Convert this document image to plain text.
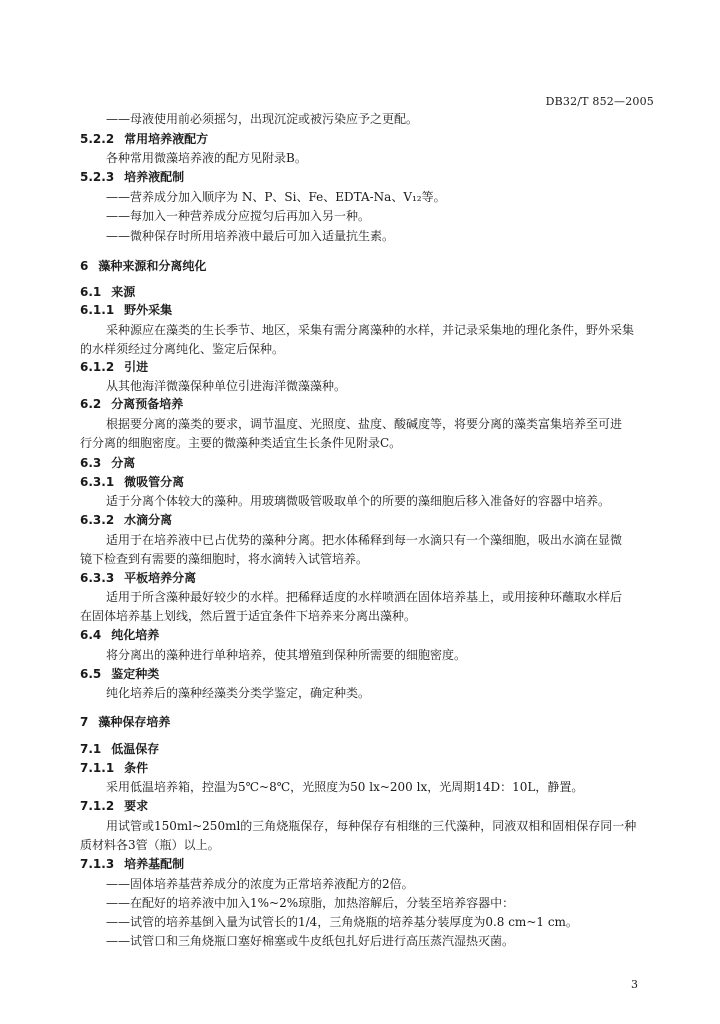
DB32/T 852—2005
——母液使用前必须摇匀，出现沉淀或被污染应予之更配。
5.2.2 常用培养液配方
各种常用微藻培养液的配方见附录B。
5.2.3 培养液配制
——营养成分加入顺序为 N、P、Si、Fe、EDTA-Na、V₁₂等。
——每加入一种营养成分应搅匀后再加入另一种。
——微种保存时所用培养液中最后可加入适量抗生素。
6 藻种来源和分离纯化
6.1 来源
6.1.1 野外采集
采种源应在藻类的生长季节、地区，采集有需分离藻种的水样，并记录采集地的理化条件，野外采集
的水样须经过分离纯化、鉴定后保种。
6.1.2 引进
从其他海洋微藻保种单位引进海洋微藻藻种。
6.2 分离预备培养
根据要分离的藻类的要求，调节温度、光照度、盐度、酸碱度等，将要分离的藻类富集培养至可进
行分离的细胞密度。主要的微藻种类适宜生长条件见附录C。
6.3 分离
6.3.1 微吸管分离
适于分离个体较大的藻种。用玻璃微吸管吸取单个的所要的藻细胞后移入准备好的容器中培养。
6.3.2 水滴分离
适用于在培养液中已占优势的藻种分离。把水体稀释到每一水滴只有一个藻细胞，吸出水滴在显微
镜下检查到有需要的藻细胞时，将水滴转入试管培养。
6.3.3 平板培养分离
适用于所含藻种最好较少的水样。把稀释适度的水样喷洒在固体培养基上，或用接种环蘸取水样后
在固体培养基上划线，然后置于适宜条件下培养来分离出藻种。
6.4 纯化培养
将分离出的藻种进行单种培养，使其增殖到保种所需要的细胞密度。
6.5 鉴定种类
纯化培养后的藻种经藻类分类学鉴定，确定种类。
7 藻种保存培养
7.1 低温保存
7.1.1 条件
采用低温培养箱，控温为5℃~8℃，光照度为50 lx~200 lx，光周期14D：10L，静置。
7.1.2 要求
用试管或150ml~250ml的三角烧瓶保存，每种保存有相继的三代藻种，同液双相和固相保存同一种
质材料各3管（瓶）以上。
7.1.3 培养基配制
——固体培养基营养成分的浓度为正常培养液配方的2倍。
——在配好的培养液中加入1%~2%琼脂，加热溶解后，分装至培养容器中：
——试管的培养基倒入量为试管长的1/4，三角烧瓶的培养基分装厚度为0.8 cm~1 cm。
——试管口和三角烧瓶口塞好棉塞或牛皮纸包扎好后进行高压蒸汽湿热灭菌。
3
